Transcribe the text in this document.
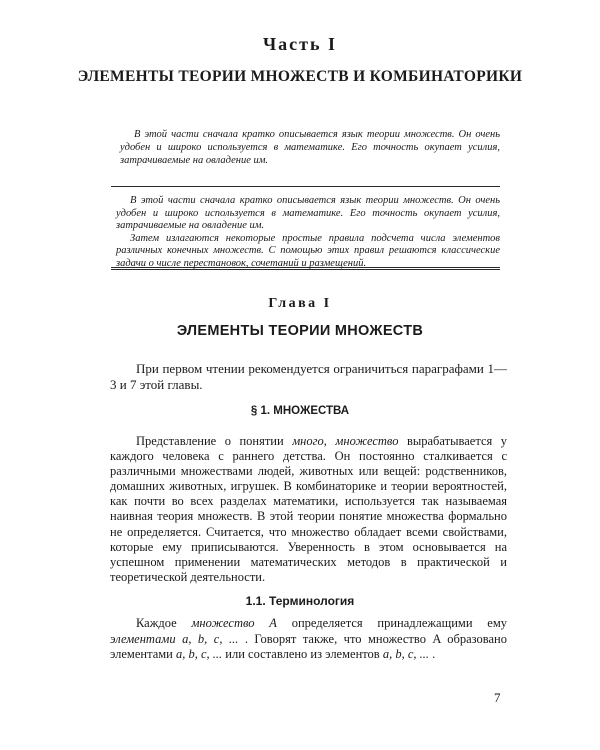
Часть I
ЭЛЕМЕНТЫ ТЕОРИИ МНОЖЕСТВ И КОМБИНАТОРИКИ

В этой части сначала кратко описывается язык теории множеств. Он очень удобен и широко используется в математике. Его точность окупает усилия, затрачиваемые на овладение им.

В этой части сначала кратко описывается язык теории множеств. Он очень удобен и широко используется в математике. Его точность окупает усилия, затрачиваемые на овладение им.

Затем излагаются некоторые простые правила подсчета числа элементов различных конечных множеств. С помощью этих правил решаются классические задачи о числе перестановок, сочетаний и размещений.

Глава I
ЭЛЕМЕНТЫ ТЕОРИИ МНОЖЕСТВ

При первом чтении рекомендуется ограничиться параграфами 1—3 и 7 этой главы.

§ 1. МНОЖЕСТВА

Представление о понятии много, множество вырабатывается у каждого человека с раннего детства. Он постоянно сталкивается с различными множествами людей, животных или вещей: родственников, домашних животных, игрушек. В комбинаторике и теории вероятностей, как почти во всех разделах математики, используется так называемая наивная теория множеств. В этой теории понятие множества формально не определяется. Считается, что множество обладает всеми свойствами, которые ему приписываются. Уверенность в этом основывается на успешном применении математических методов в практической и теоретической деятельности.

1.1. Терминология

Каждое множество A определяется принадлежащими ему элементами a, b, c, ... . Говорят также, что множество A образовано элементами a, b, c, ... или составлено из элементов a, b, c, ... .

7
